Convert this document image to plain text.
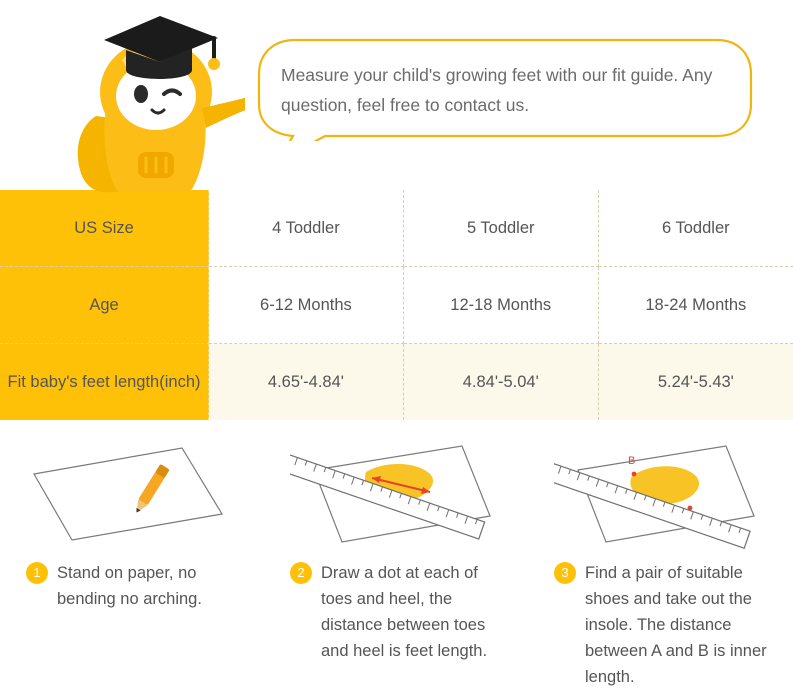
Measure your child's growing feet with our fit guide. Any question, feel free to contact us.
US Size	4 Toddler	5 Toddler	6 Toddler
Age	6-12 Months	12-18 Months	18-24 Months
Fit baby's feet length(inch)	4.65'-4.84'	4.84'-5.04'	5.24'-5.43'
1 Stand on paper, no bending no arching.
2 Draw a dot at each of toes and heel, the distance between toes and heel is feet length.
B
3 Find a pair of suitable shoes and take out the insole. The distance between A and B is inner length.
